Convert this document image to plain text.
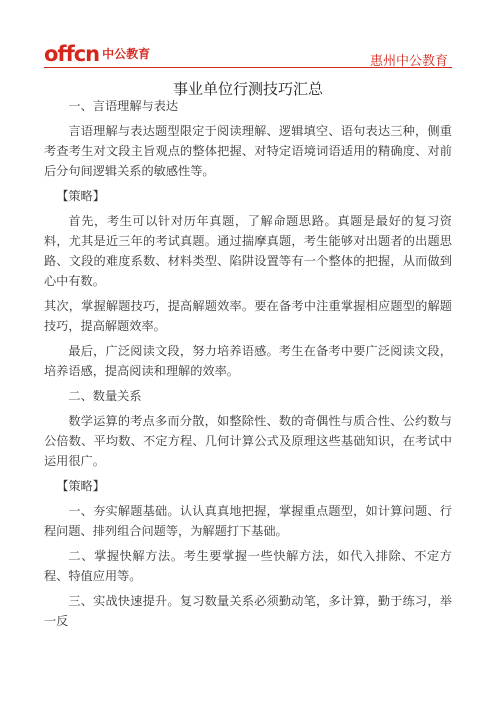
offcn 中公教育	惠州中公教育
事业单位行测技巧汇总

一、言语理解与表达

言语理解与表达题型限定于阅读理解、逻辑填空、语句表达三种，侧重考查考生对文段主旨观点的整体把握、对特定语境词语适用的精确度、对前后分句间逻辑关系的敏感性等。

【策略】

首先，考生可以针对历年真题，了解命题思路。真题是最好的复习资料，尤其是近三年的考试真题。通过揣摩真题，考生能够对出题者的出题思路、文段的难度系数、材料类型、陷阱设置等有一个整体的把握，从而做到心中有数。

其次，掌握解题技巧，提高解题效率。要在备考中注重掌握相应题型的解题技巧，提高解题效率。

最后，广泛阅读文段，努力培养语感。考生在备考中要广泛阅读文段，培养语感，提高阅读和理解的效率。

二、数量关系

数学运算的考点多而分散，如整除性、数的奇偶性与质合性、公约数与公倍数、平均数、不定方程、几何计算公式及原理这些基础知识，在考试中运用很广。

【策略】

一、夯实解题基础。认认真真地把握，掌握重点题型，如计算问题、行程问题、排列组合问题等，为解题打下基础。

二、掌握快解方法。考生要掌握一些快解方法，如代入排除、不定方程、特值应用等。

三、实战快速提升。复习数量关系必须勤动笔，多计算，勤于练习，举一反
